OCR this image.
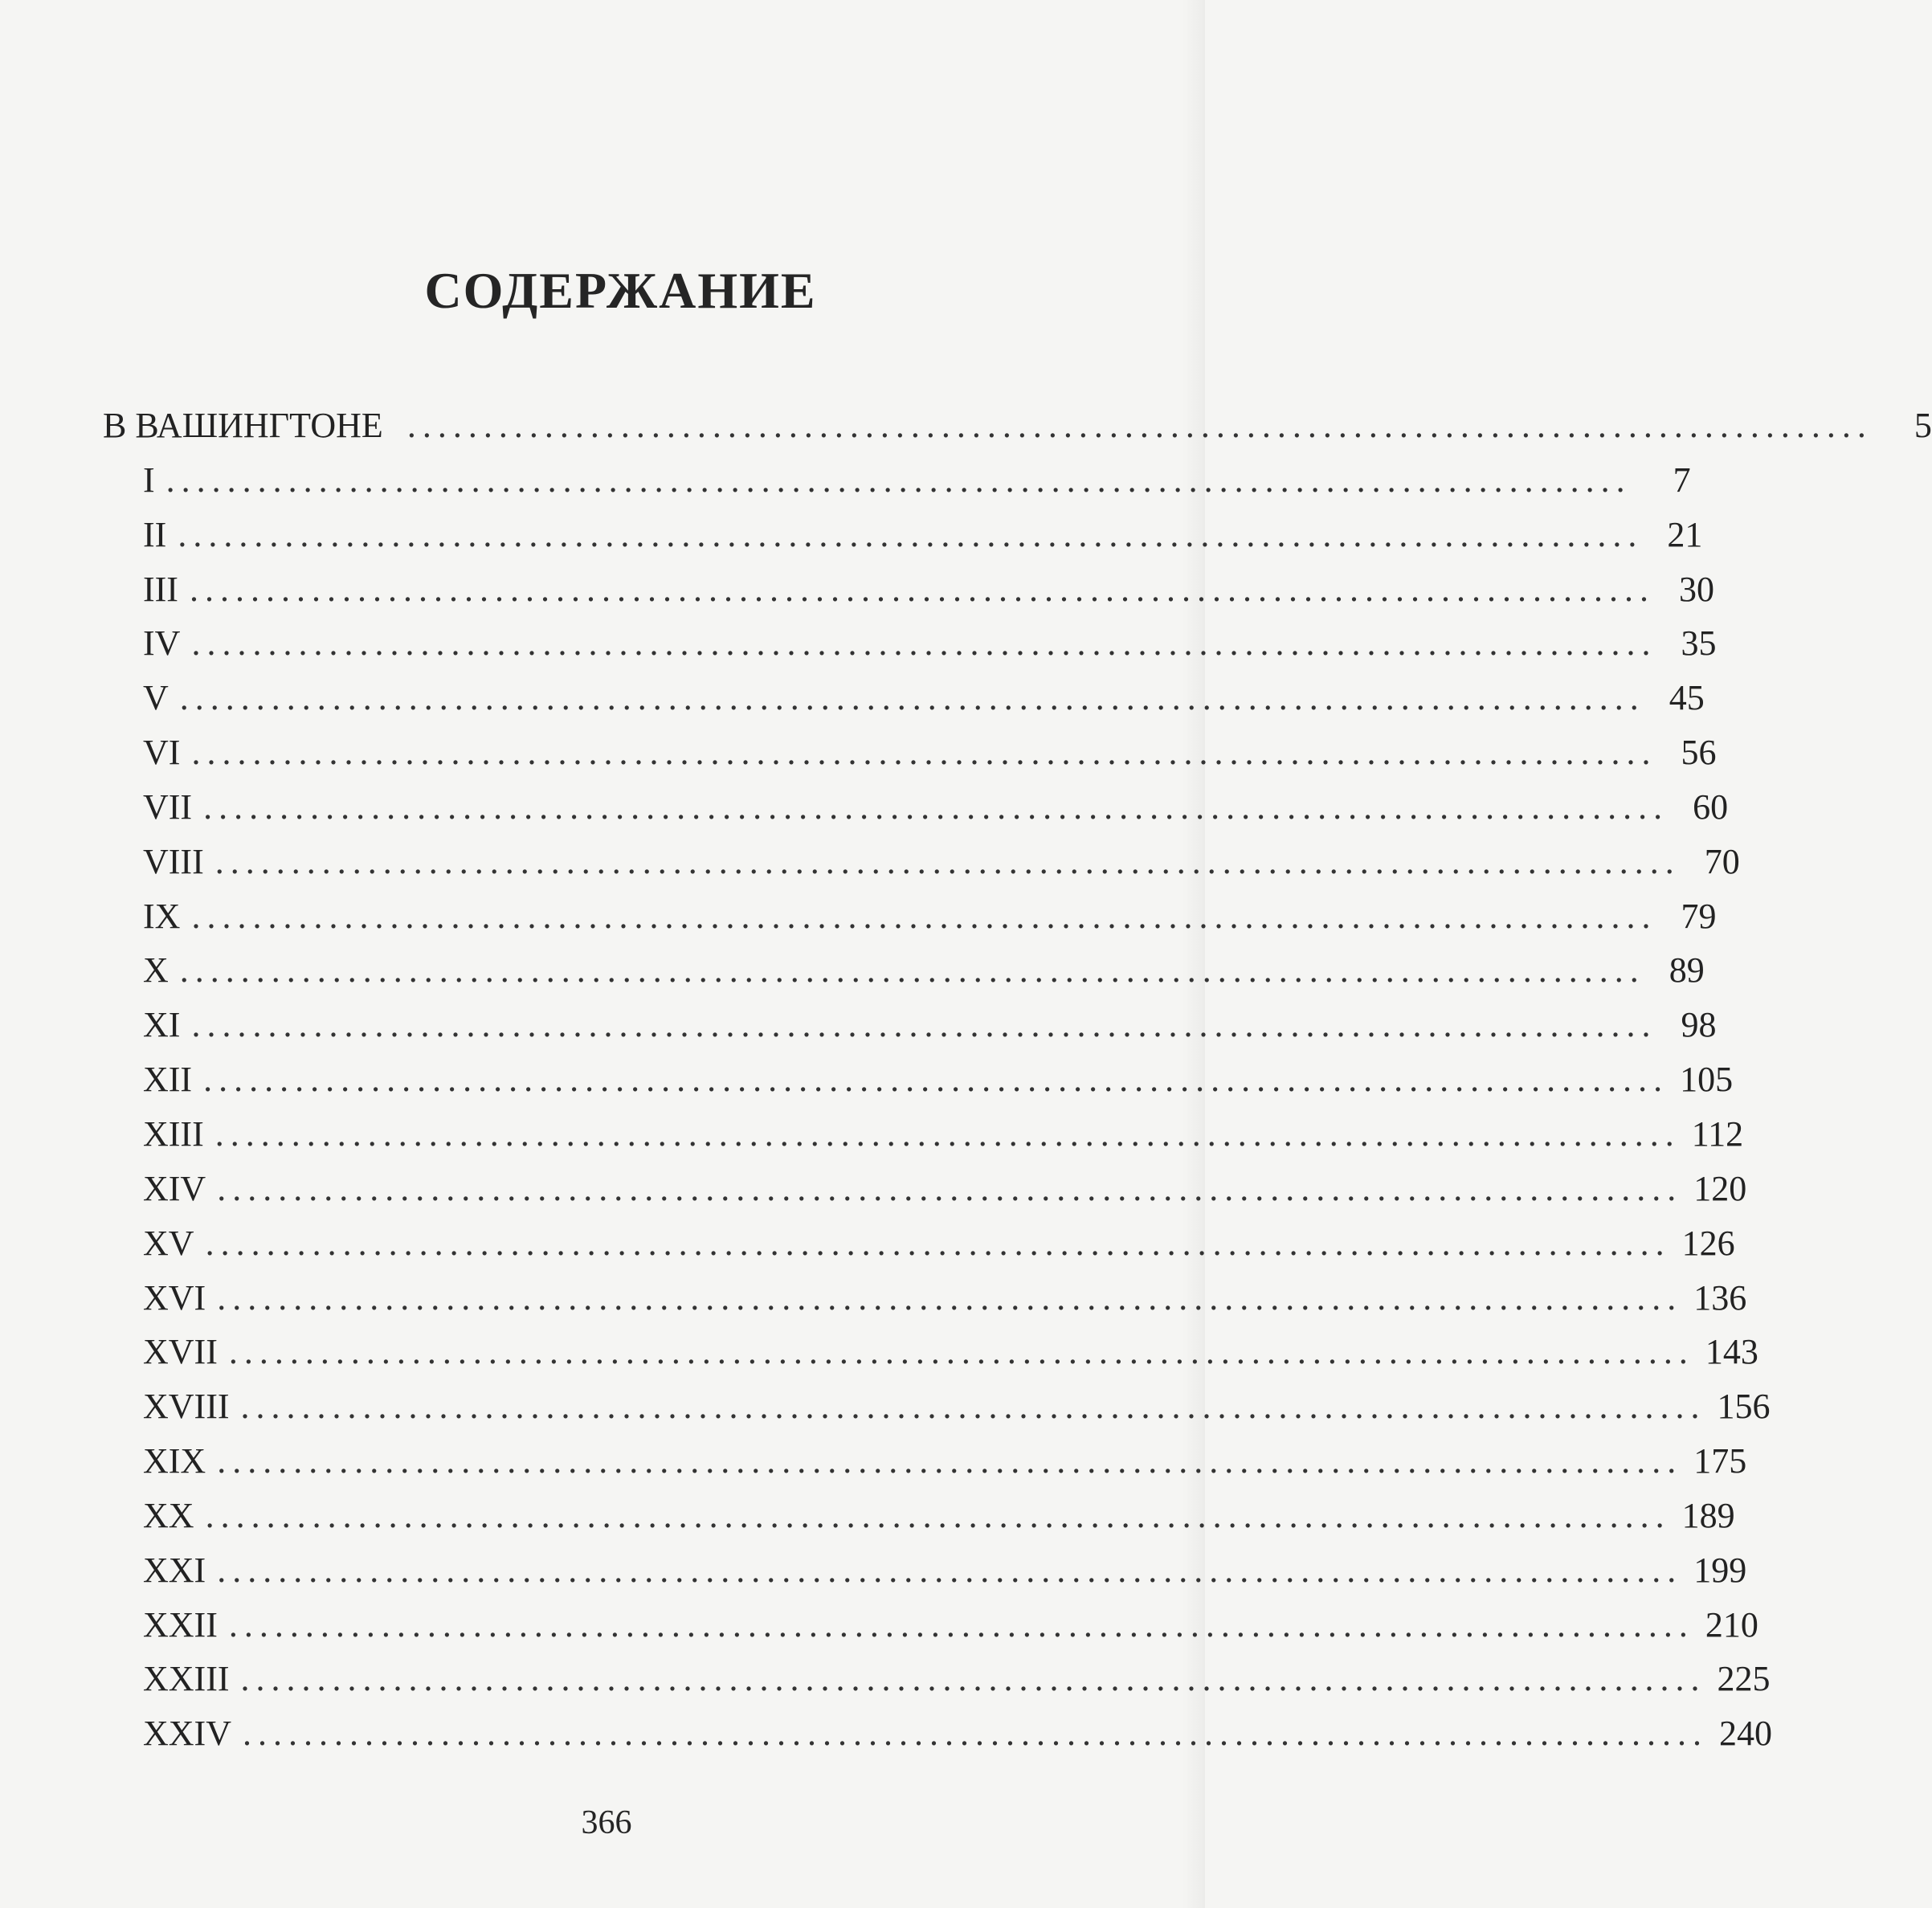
СОДЕРЖАНИЕ
В ВАШИНГТОНЕ ................................................................................................	5
I ................................................................................................	7
II ................................................................................................ 21
III ................................................................................................ 30
IV ................................................................................................ 35
V ................................................................................................ 45
VI ................................................................................................ 56
VII ................................................................................................ 60
VIII ................................................................................................ 70
IX ................................................................................................ 79
X ................................................................................................ 89
XI ................................................................................................ 98
XII ................................................................................................ 105
XIII ................................................................................................ 112
XIV ................................................................................................ 120
XV ................................................................................................ 126
XVI ................................................................................................ 136
XVII ................................................................................................ 143
XVIII ................................................................................................ 156
XIX ................................................................................................ 175
XX ................................................................................................ 189
XXI ................................................................................................ 199
XXII ................................................................................................ 210
XXIII ................................................................................................ 225
XXIV ................................................................................................ 240
366
